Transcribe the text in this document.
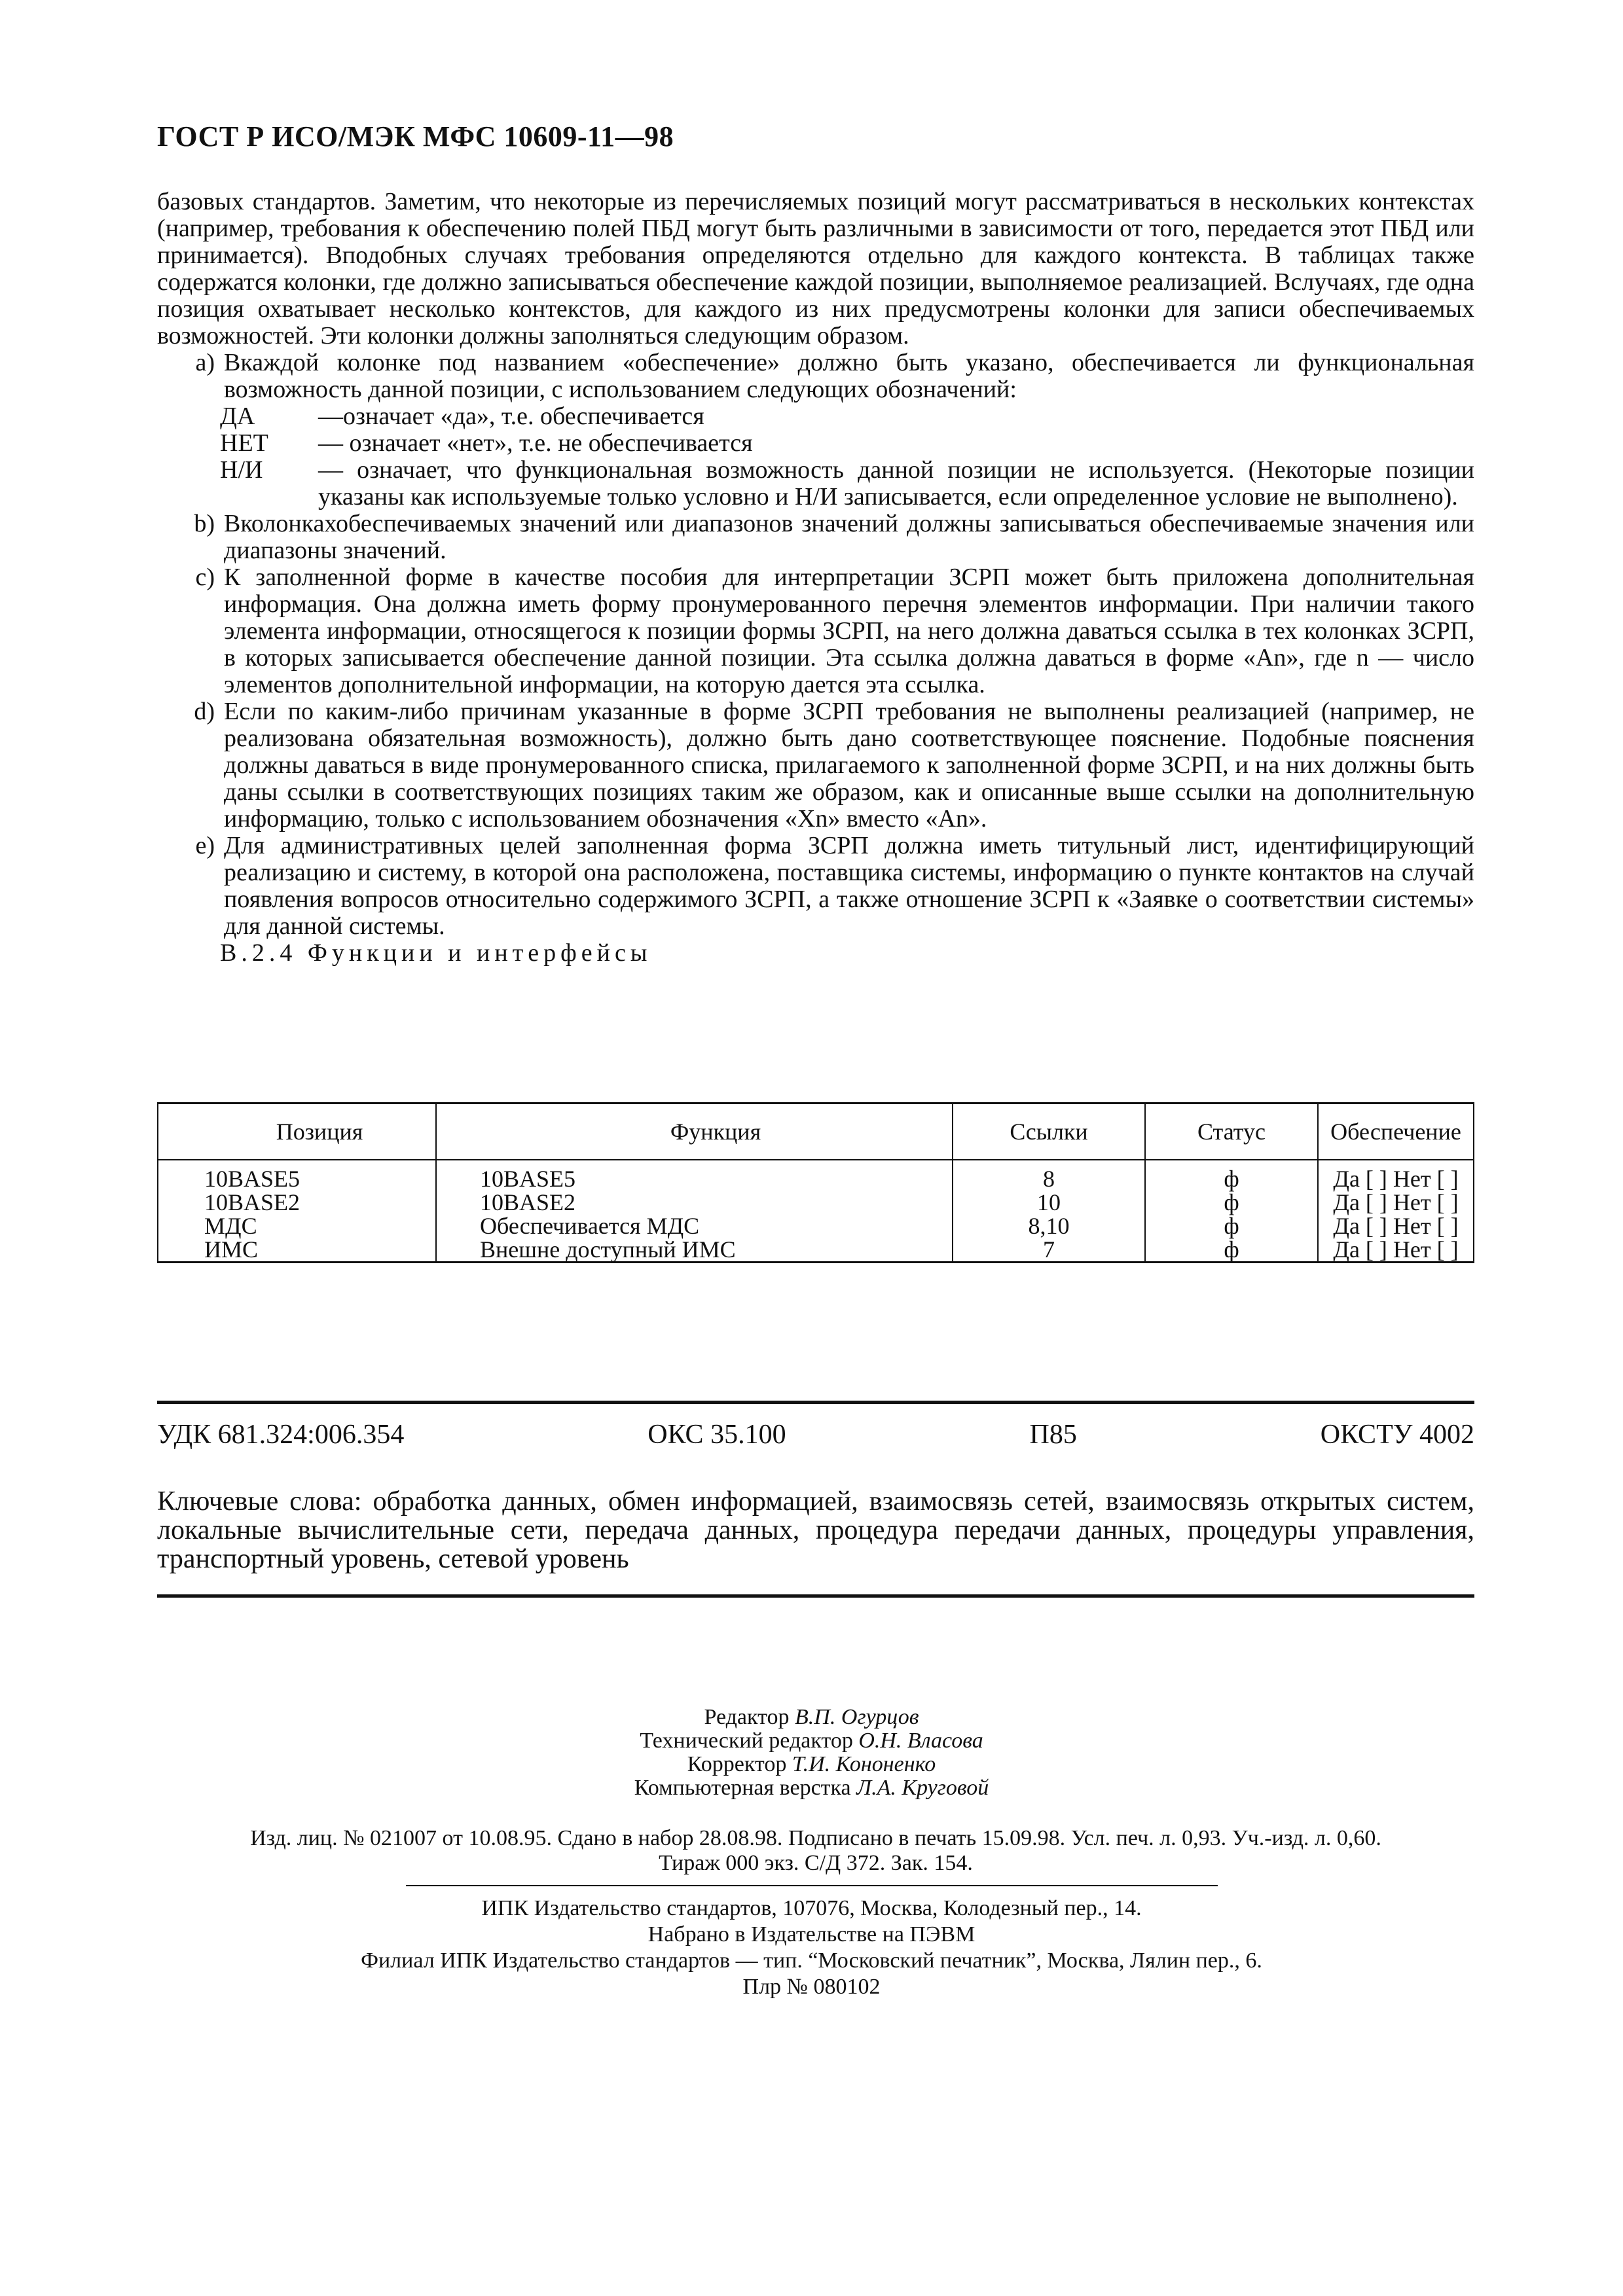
ГОСТ Р ИСО/МЭК МФС 10609-11—98

базовых стандартов. Заметим, что некоторые из перечисляемых позиций могут рассматриваться в нескольких контекстах (например, требования к обеспечению полей ПБД могут быть различными в зависимости от того, передается этот ПБД или принимается). Вподобных случаях требования определяются отдельно для каждого контекста. В таблицах также содержатся колонки, где должно записываться обеспечение каждой позиции, выполняемое реализацией. Вслучаях, где одна позиция охватывает несколько контекстов, для каждого из них предусмотрены колонки для записи обеспечиваемых возможностей. Эти колонки должны заполняться следующим образом.

a) Вкаждой колонке под названием «обеспечение» должно быть указано, обеспечивается ли функциональная возможность данной позиции, с использованием следующих обозначений:
ДА	—означает «да», т.е. обеспечивается
НЕТ	— означает «нет», т.е. не обеспечивается
Н/И	— означает, что функциональная возможность данной позиции не используется. (Некоторые позиции указаны как используемые только условно и Н/И записывается, если определенное условие не выполнено).
b) Вколонкахобеспечиваемых значений или диапазонов значений должны записываться обеспечиваемые значения или диапазоны значений.
c) К заполненной форме в качестве пособия для интерпретации ЗСРП может быть приложена дополнительная информация. Она должна иметь форму пронумерованного перечня элементов информации. При наличии такого элемента информации, относящегося к позиции формы ЗСРП, на него должна даваться ссылка в тех колонках ЗСРП, в которых записывается обеспечение данной позиции. Эта ссылка должна даваться в форме «An», где n — число элементов дополнительной информации, на которую дается эта ссылка.
d) Если по каким-либо причинам указанные в форме ЗСРП требования не выполнены реализацией (например, не реализована обязательная возможность), должно быть дано соответствующее пояснение. Подобные пояснения должны даваться в виде пронумерованного списка, прилагаемого к заполненной форме ЗСРП, и на них должны быть даны ссылки в соответствующих позициях таким же образом, как и описанные выше ссылки на дополнительную информацию, только с использованием обозначения «Xn» вместо «An».
e) Для административных целей заполненная форма ЗСРП должна иметь титульный лист, идентифицирующий реализацию и систему, в которой она расположена, поставщика системы, информацию о пункте контактов на случай появления вопросов относительно содержимого ЗСРП, а также отношение ЗСРП к «Заявке о соответствии системы» для данной системы.
В.2.4 Функции и интерфейсы
Позиция	Функция	Ссылки	Статус	Обеспечение
10BASE5	10BASE5	8	ф	Да [ ] Нет [ ]
10BASE2	10BASE2	10	ф	Да [ ] Нет [ ]
МДС	Обеспечивается МДС	8,10	ф	Да [ ] Нет [ ]
ИМС	Внешне доступный ИМС	7	ф	Да [ ] Нет [ ]
УДК 681.324:006.354	ОКС 35.100	П85	ОКСТУ 4002
Ключевые слова: обработка данных, обмен информацией, взаимосвязь сетей, взаимосвязь открытых систем, локальные вычислительные сети, передача данных, процедура передачи данных, процедуры управления, транспортный уровень, сетевой уровень
Редактор В.П. Огурцов
Технический редактор О.Н. Власова
Корректор Т.И. Кононенко
Компьютерная верстка Л.А. Круговой
Изд. лиц. № 021007 от 10.08.95. Сдано в набор 28.08.98. Подписано в печать 15.09.98. Усл. печ. л. 0,93. Уч.-изд. л. 0,60.
Тираж 000 экз. С/Д 372. Зак. 154.
ИПК Издательство стандартов, 107076, Москва, Колодезный пер., 14.
Набрано в Издательстве на ПЭВМ
Филиал ИПК Издательство стандартов — тип. “Московский печатник”, Москва, Лялин пер., 6.
Плр № 080102
